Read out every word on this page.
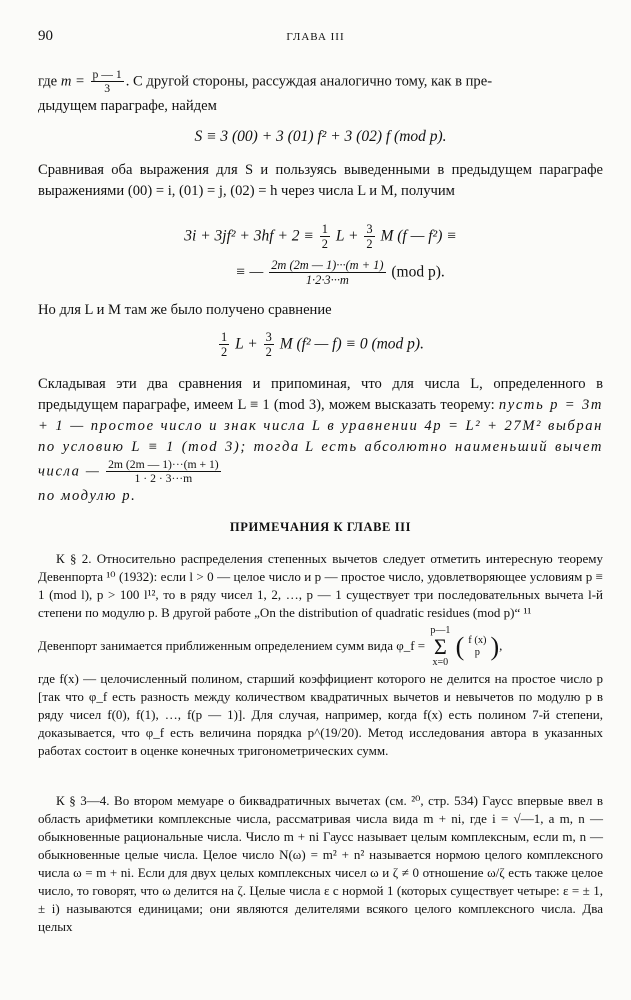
90	ГЛАВА III

где $m = \frac{p — 1}{3}$ . С другой стороны, рассуждая аналогично тому, как в пре-
дыдущем параграфе, найдем

S ≡ 3 (00) + 3 (01) f² + 3 (02) f (mod p).
Сравнивая оба выражения для S и пользуясь выведенными в предыдущем параграфе выражениями (00) = i, (01) = j, (02) = h через числа L и M, получим
$3i + 3jf^2 + 3hf + 2 \equiv \frac{1}{2}$ $L + \frac{3}{2}$ M (f — f²) ≡
≡ — $\frac{2m (2m — 1)\cdot\cdot\cdot(m + 1)}{1\cdot 2\cdot 3\cdot\cdot\cdot m} (mod$ p).
Но для L и M там же было получено сравнение
$\frac{1}{2}$ $L + \frac{3}{2}$ M (f² — f) ≡ 0 (mod p).

Складывая эти два сравнения и припоминая, что для числа L, определенного в предыдущем параграфе, имеем L ≡ 1 (mod 3), можем высказать теорему: пусть p = 3m + 1 — простое число и знак числа L в уравнении 4p = L² + 27M² выбран по условию L ≡ 1 (mod 3); тогда L есть абсолютно наименьший вычет числа — $\frac{2m (2m — 1)\cdot\cdot\cdot(m + 1)}{1 \cdot 2 \cdot 3\cdot\cdot\cdot m}$

по модулю p.

ПРИМЕЧАНИЯ К ГЛАВЕ III

К § 2. Относительно распределения степенных вычетов следует отметить интересную теорему Девенпорта ¹⁰ (1932): если l > 0 — целое число и p — простое число, удовлетворяющее условиям p ≡ 1 (mod l), p > 100 l¹², то в ряду чисел 1, 2, …, p — 1 существует три последовательных вычета l-й степени по модулю p. В другой работе „On the distribution of quadratic residues (mod p)“ ¹¹

Девенпорт занимается приближенным определением сумм вида φ_f = p—1
Σ
x=0 ( f (x)
p ),

где f(x) — целочисленный полином, старший коэффициент которого не делится на простое число p [так что φ_f есть разность между количеством квадратичных вычетов и невычетов по модулю p в ряду чисел f(0), f(1), …, f(p — 1)]. Для случая, например, когда f(x) есть полином 7-й степени, доказывается, что φ_f есть величина порядка p^(19/20). Метод исследования автора в указанных работах состоит в оценке конечных тригонометрических сумм.

К § 3—4. Во втором мемуаре о биквадратичных вычетах (см. ²⁰, стр. 534) Гаусс впервые ввел в область арифметики комплексные числа, рассматривая числа вида m + ni, где i = √—1, а m, n — обыкновенные рациональные числа. Число m + ni Гаусс называет целым комплексным, если m, n — обыкновенные целые числа. Целое число N(ω) = m² + n² называется нормою целого комплексного числа ω = m + ni. Если для двух целых комплексных чисел ω и ζ ≠ 0 отношение ω/ζ есть также целое число, то говорят, что ω делится на ζ. Целые числа ε с нормой 1 (которых существует четыре: ε = ± 1, ± i) называются единицами; они являются делителями всякого целого комплексного числа. Два целых
